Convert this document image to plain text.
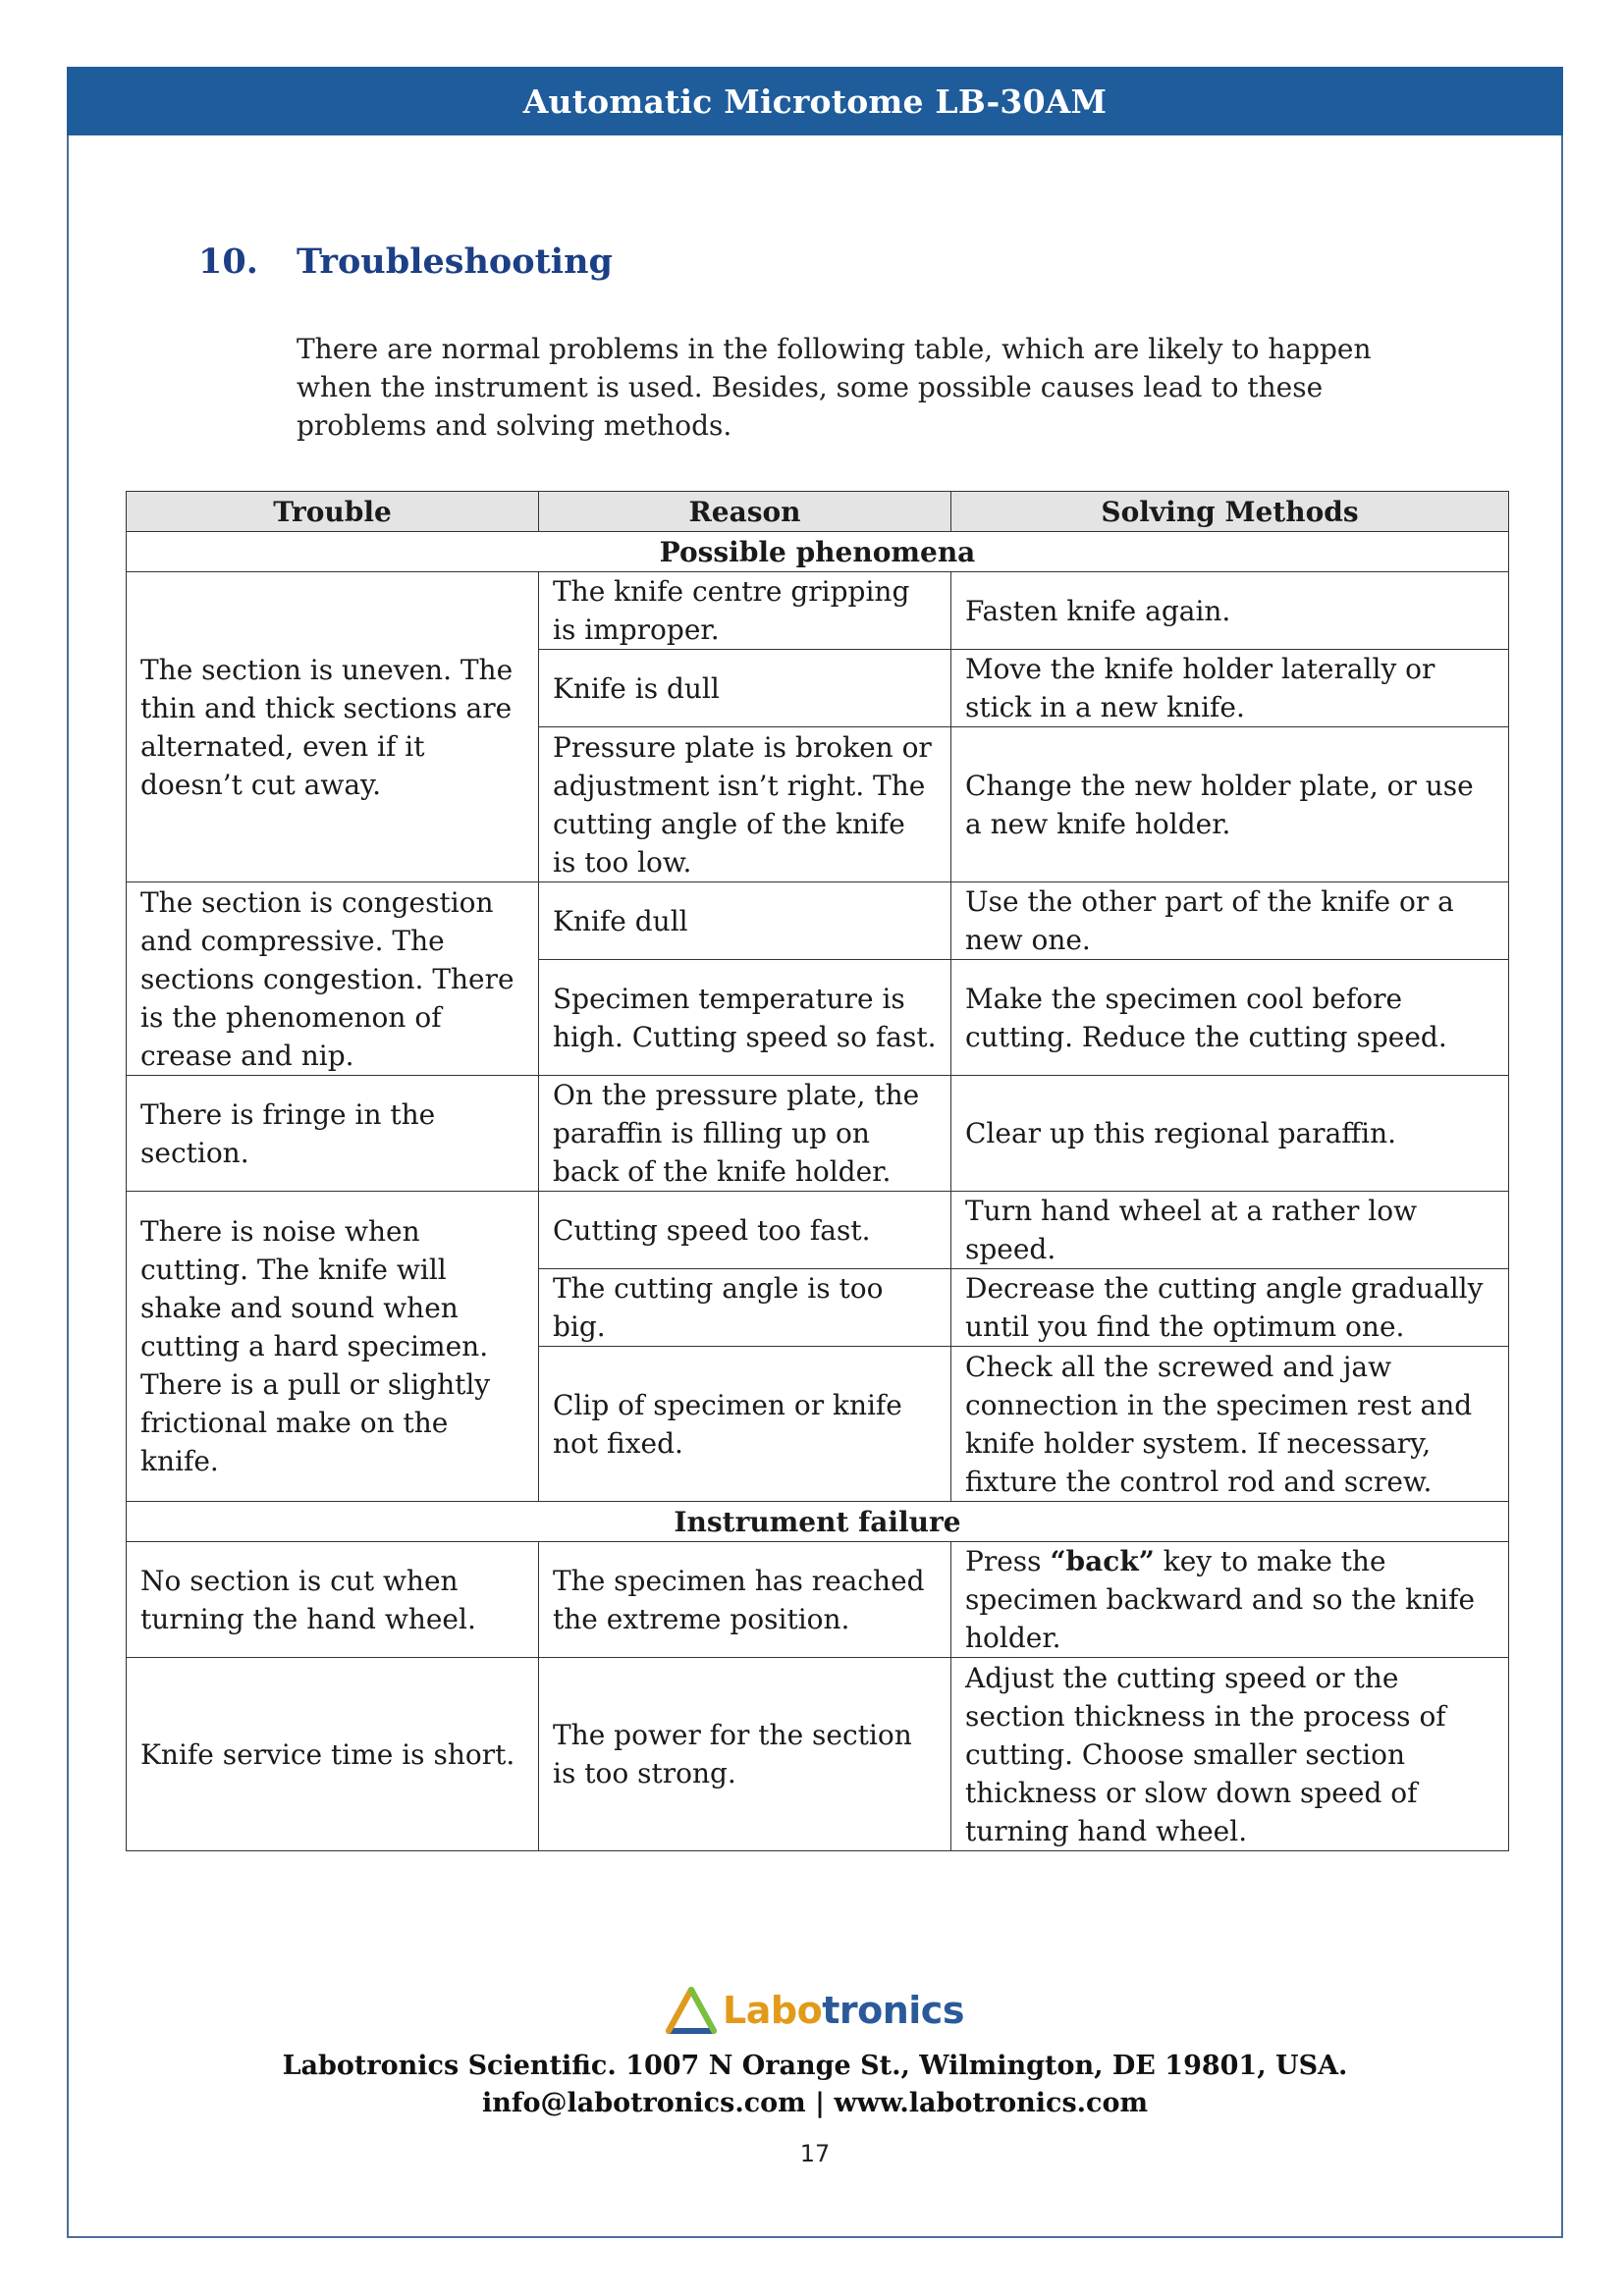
Automatic Microtome LB-30AM
10. Troubleshooting
There are normal problems in the following table, which are likely to happen when the instrument is used. Besides, some possible causes lead to these problems and solving methods.
Trouble	Reason	Solving Methods
Possible phenomena		
The section is uneven. The thin and thick sections are alternated, even if it doesn’t cut away.	The knife centre gripping is improper.	Fasten knife again.
	Knife is dull	Move the knife holder laterally or stick in a new knife.
	Pressure plate is broken or adjustment isn’t right. The cutting angle of the knife is too low.	Change the new holder plate, or use a new knife holder.
The section is congestion and compressive. The sections congestion. There is the phenomenon of crease and nip.	Knife dull	Use the other part of the knife or a new one.
	Specimen temperature is high. Cutting speed so fast.	Make the specimen cool before cutting. Reduce the cutting speed.
There is fringe in the section.	On the pressure plate, the paraffin is filling up on back of the knife holder.	Clear up this regional paraffin.
There is noise when cutting. The knife will shake and sound when cutting a hard specimen. There is a pull or slightly frictional make on the knife.	Cutting speed too fast.	Turn hand wheel at a rather low speed.
	The cutting angle is too big.	Decrease the cutting angle gradually until you find the optimum one.
	Clip of specimen or knife not fixed.	Check all the screwed and jaw connection in the specimen rest and knife holder system. If necessary, fixture the control rod and screw.
Instrument failure		
No section is cut when turning the hand wheel.	The specimen has reached the extreme position.	Press “back” key to make the specimen backward and so the knife holder.
Knife service time is short.	The power for the section is too strong.	Adjust the cutting speed or the section thickness in the process of cutting. Choose smaller section thickness or slow down speed of turning hand wheel.
Labotronics
Labotronics Scientific. 1007 N Orange St., Wilmington, DE 19801, USA.
info@labotronics.com | www.labotronics.com
17
